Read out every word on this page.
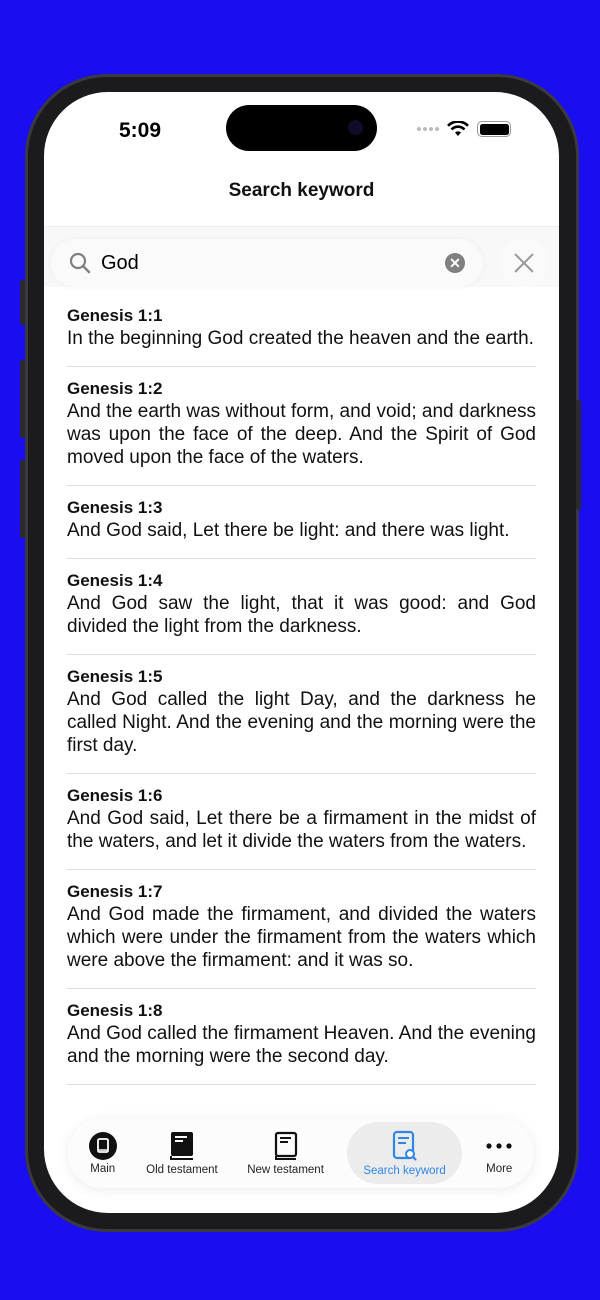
5:09
Search keyword
God
✕
Genesis 1:1
In the beginning God created the heaven and the earth.
Genesis 1:2
And the earth was without form, and void; and darkness was upon the face of the deep. And the Spirit of God moved upon the face of the waters.
Genesis 1:3
And God said, Let there be light: and there was light.
Genesis 1:4
And God saw the light, that it was good: and God divided the light from the darkness.
Genesis 1:5
And God called the light Day, and the darkness he called Night. And the evening and the morning were the first day.
Genesis 1:6
And God said, Let there be a firmament in the midst of the waters, and let it divide the waters from the waters.
Genesis 1:7
And God made the firmament, and divided the waters which were under the firmament from the waters which were above the firmament: and it was so.
Genesis 1:8
And God called the firmament Heaven. And the evening and the morning were the second day.
Main	Old testament	New testament	Search keyword	More
